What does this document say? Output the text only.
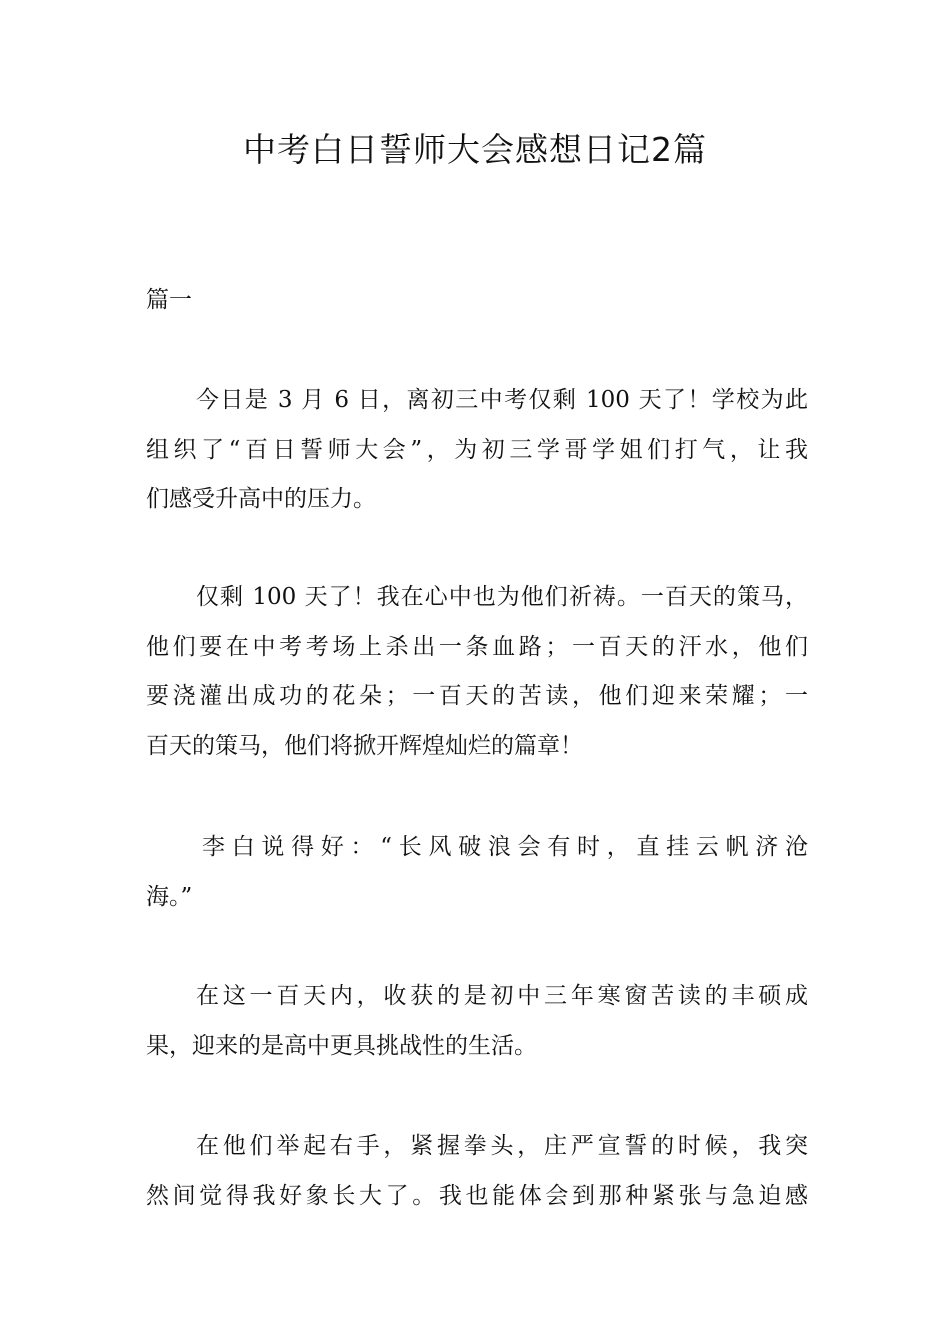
中考白日誓师大会感想日记2篇

篇一

今日是 3 月 6 日，离初三中考仅剩 100 天了！学校为此
组织了“百日誓师大会”，为初三学哥学姐们打气，让我
们感受升高中的压力。

仅剩 100 天了！我在心中也为他们祈祷。一百天的策马，
他们要在中考考场上杀出一条血路；一百天的汗水，他们
要浇灌出成功的花朵；一百天的苦读，他们迎来荣耀；一
百天的策马，他们将掀开辉煌灿烂的篇章！

李白说得好：“长风破浪会有时，直挂云帆济沧
海。”

在这一百天内，收获的是初中三年寒窗苦读的丰硕成
果，迎来的是高中更具挑战性的生活。

在他们举起右手，紧握拳头，庄严宣誓的时候，我突
然间觉得我好象长大了。我也能体会到那种紧张与急迫感
